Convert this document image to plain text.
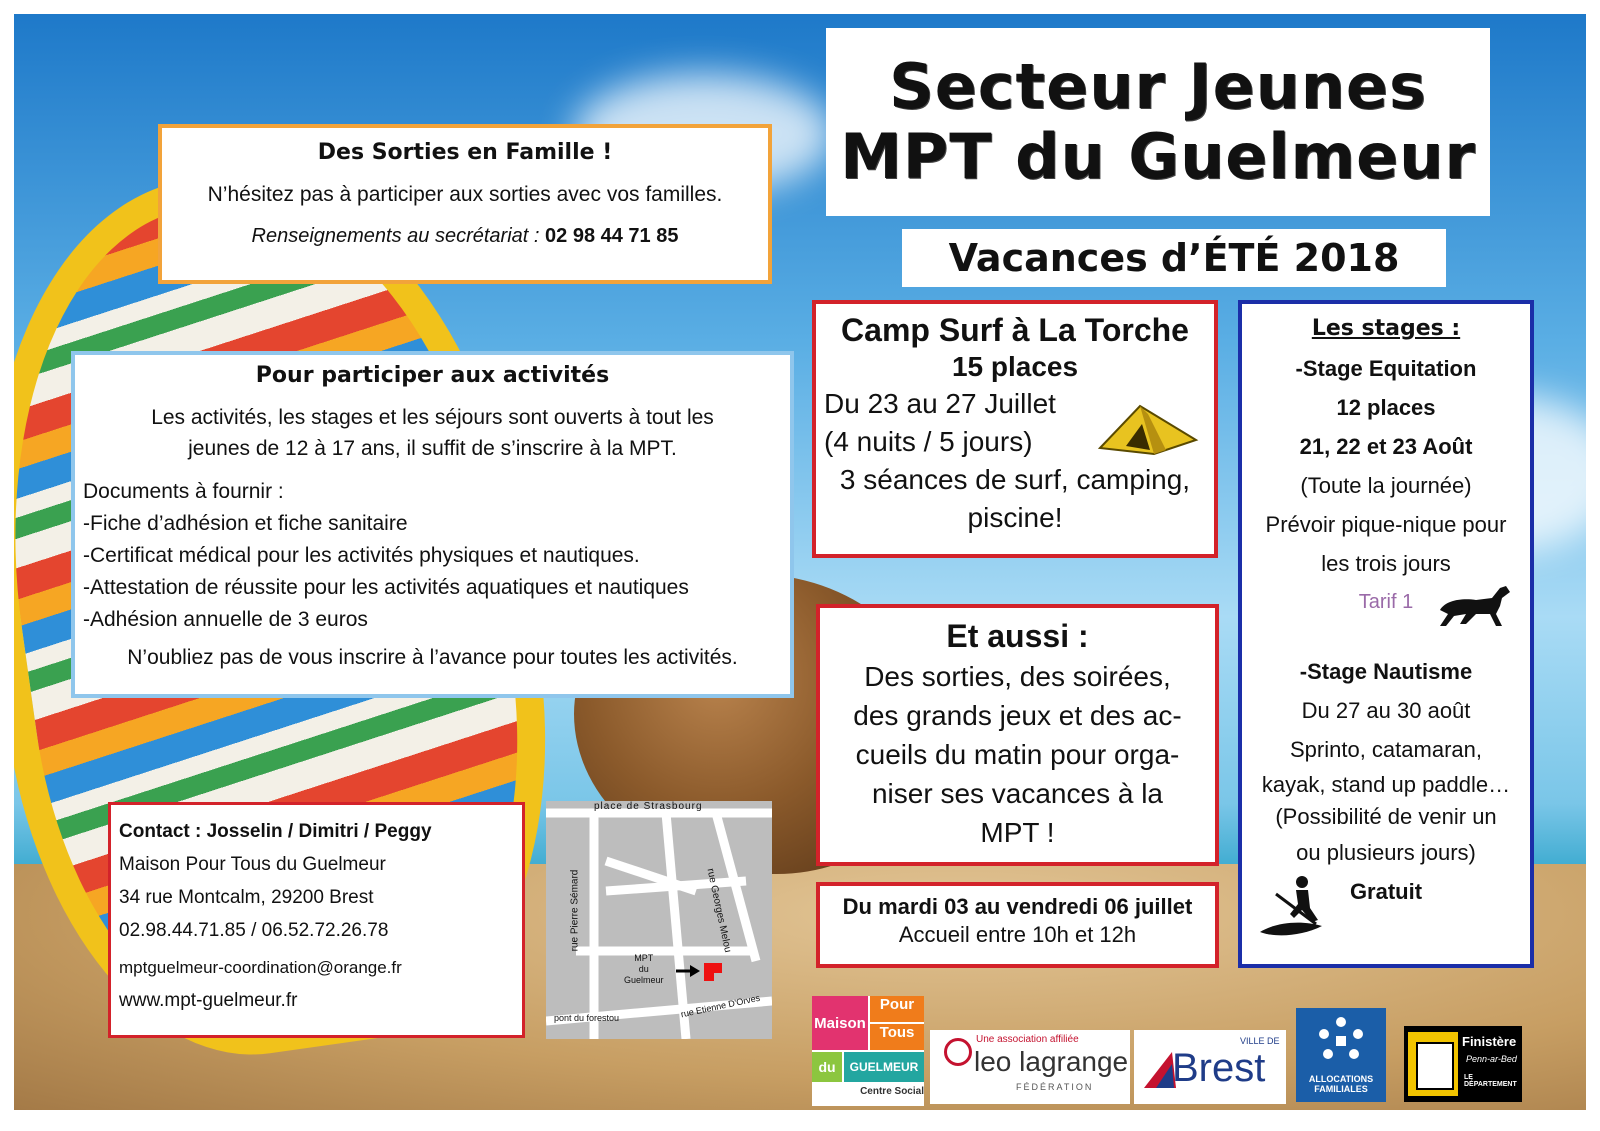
Secteur Jeunes
MPT du Guelmeur
Vacances d’ÉTÉ 2018
Des Sorties en Famille !
N’hésitez pas à participer aux sorties avec vos familles.
Renseignements au secrétariat : 02 98 44 71 85
Pour participer aux activités
Les activités, les stages et les séjours sont ouverts à tout les
jeunes de 12 à 17 ans, il suffit de s’inscrire à la MPT.
Documents à fournir :
-Fiche d’adhésion et fiche sanitaire
-Certificat médical pour les activités physiques et nautiques.
-Attestation de réussite pour les activités aquatiques et nautiques
-Adhésion annuelle de 3 euros
N’oubliez pas de vous inscrire à l’avance pour toutes les activités.
Camp Surf à La Torche
15 places
Du 23 au 27 Juillet
(4 nuits / 5 jours)
3 séances de surf, camping,
piscine!
Et aussi :
Des sorties, des soirées,
des grands jeux et des ac-
cueils du matin pour orga-
niser ses vacances à la
MPT !
Du mardi 03 au vendredi 06 juillet
Accueil entre 10h et 12h
Les stages :
-Stage Equitation
12 places
21, 22 et 23 Août
(Toute la journée)
Prévoir pique-nique pour
les trois jours
Tarif 1
-Stage Nautisme
Du 27 au 30 août
Sprinto, catamaran,
kayak, stand up paddle…
(Possibilité de venir un
ou plusieurs jours)
Gratuit
Contact : Josselin / Dimitri / Peggy
Maison Pour Tous du Guelmeur
34 rue Montcalm, 29200 Brest
02.98.44.71.85 / 06.52.72.26.78
mptguelmeur-coordination@orange.fr
www.mpt-guelmeur.fr
place de Strasbourg
rue Georges Melou
rue Pierre Sémard
MPT
du
Guelmeur
pont du forestou	rue Etienne D'Orves
Maison
Pour
Tous
du	GUELMEUR
Centre Social
Une association affiliée
leo lagrange
FÉDÉRATION
VILLE DE
Brest	ALLOCATIONS FAMILIALES
Finistère
Penn-ar-Bed
LE DÉPARTEMENT
